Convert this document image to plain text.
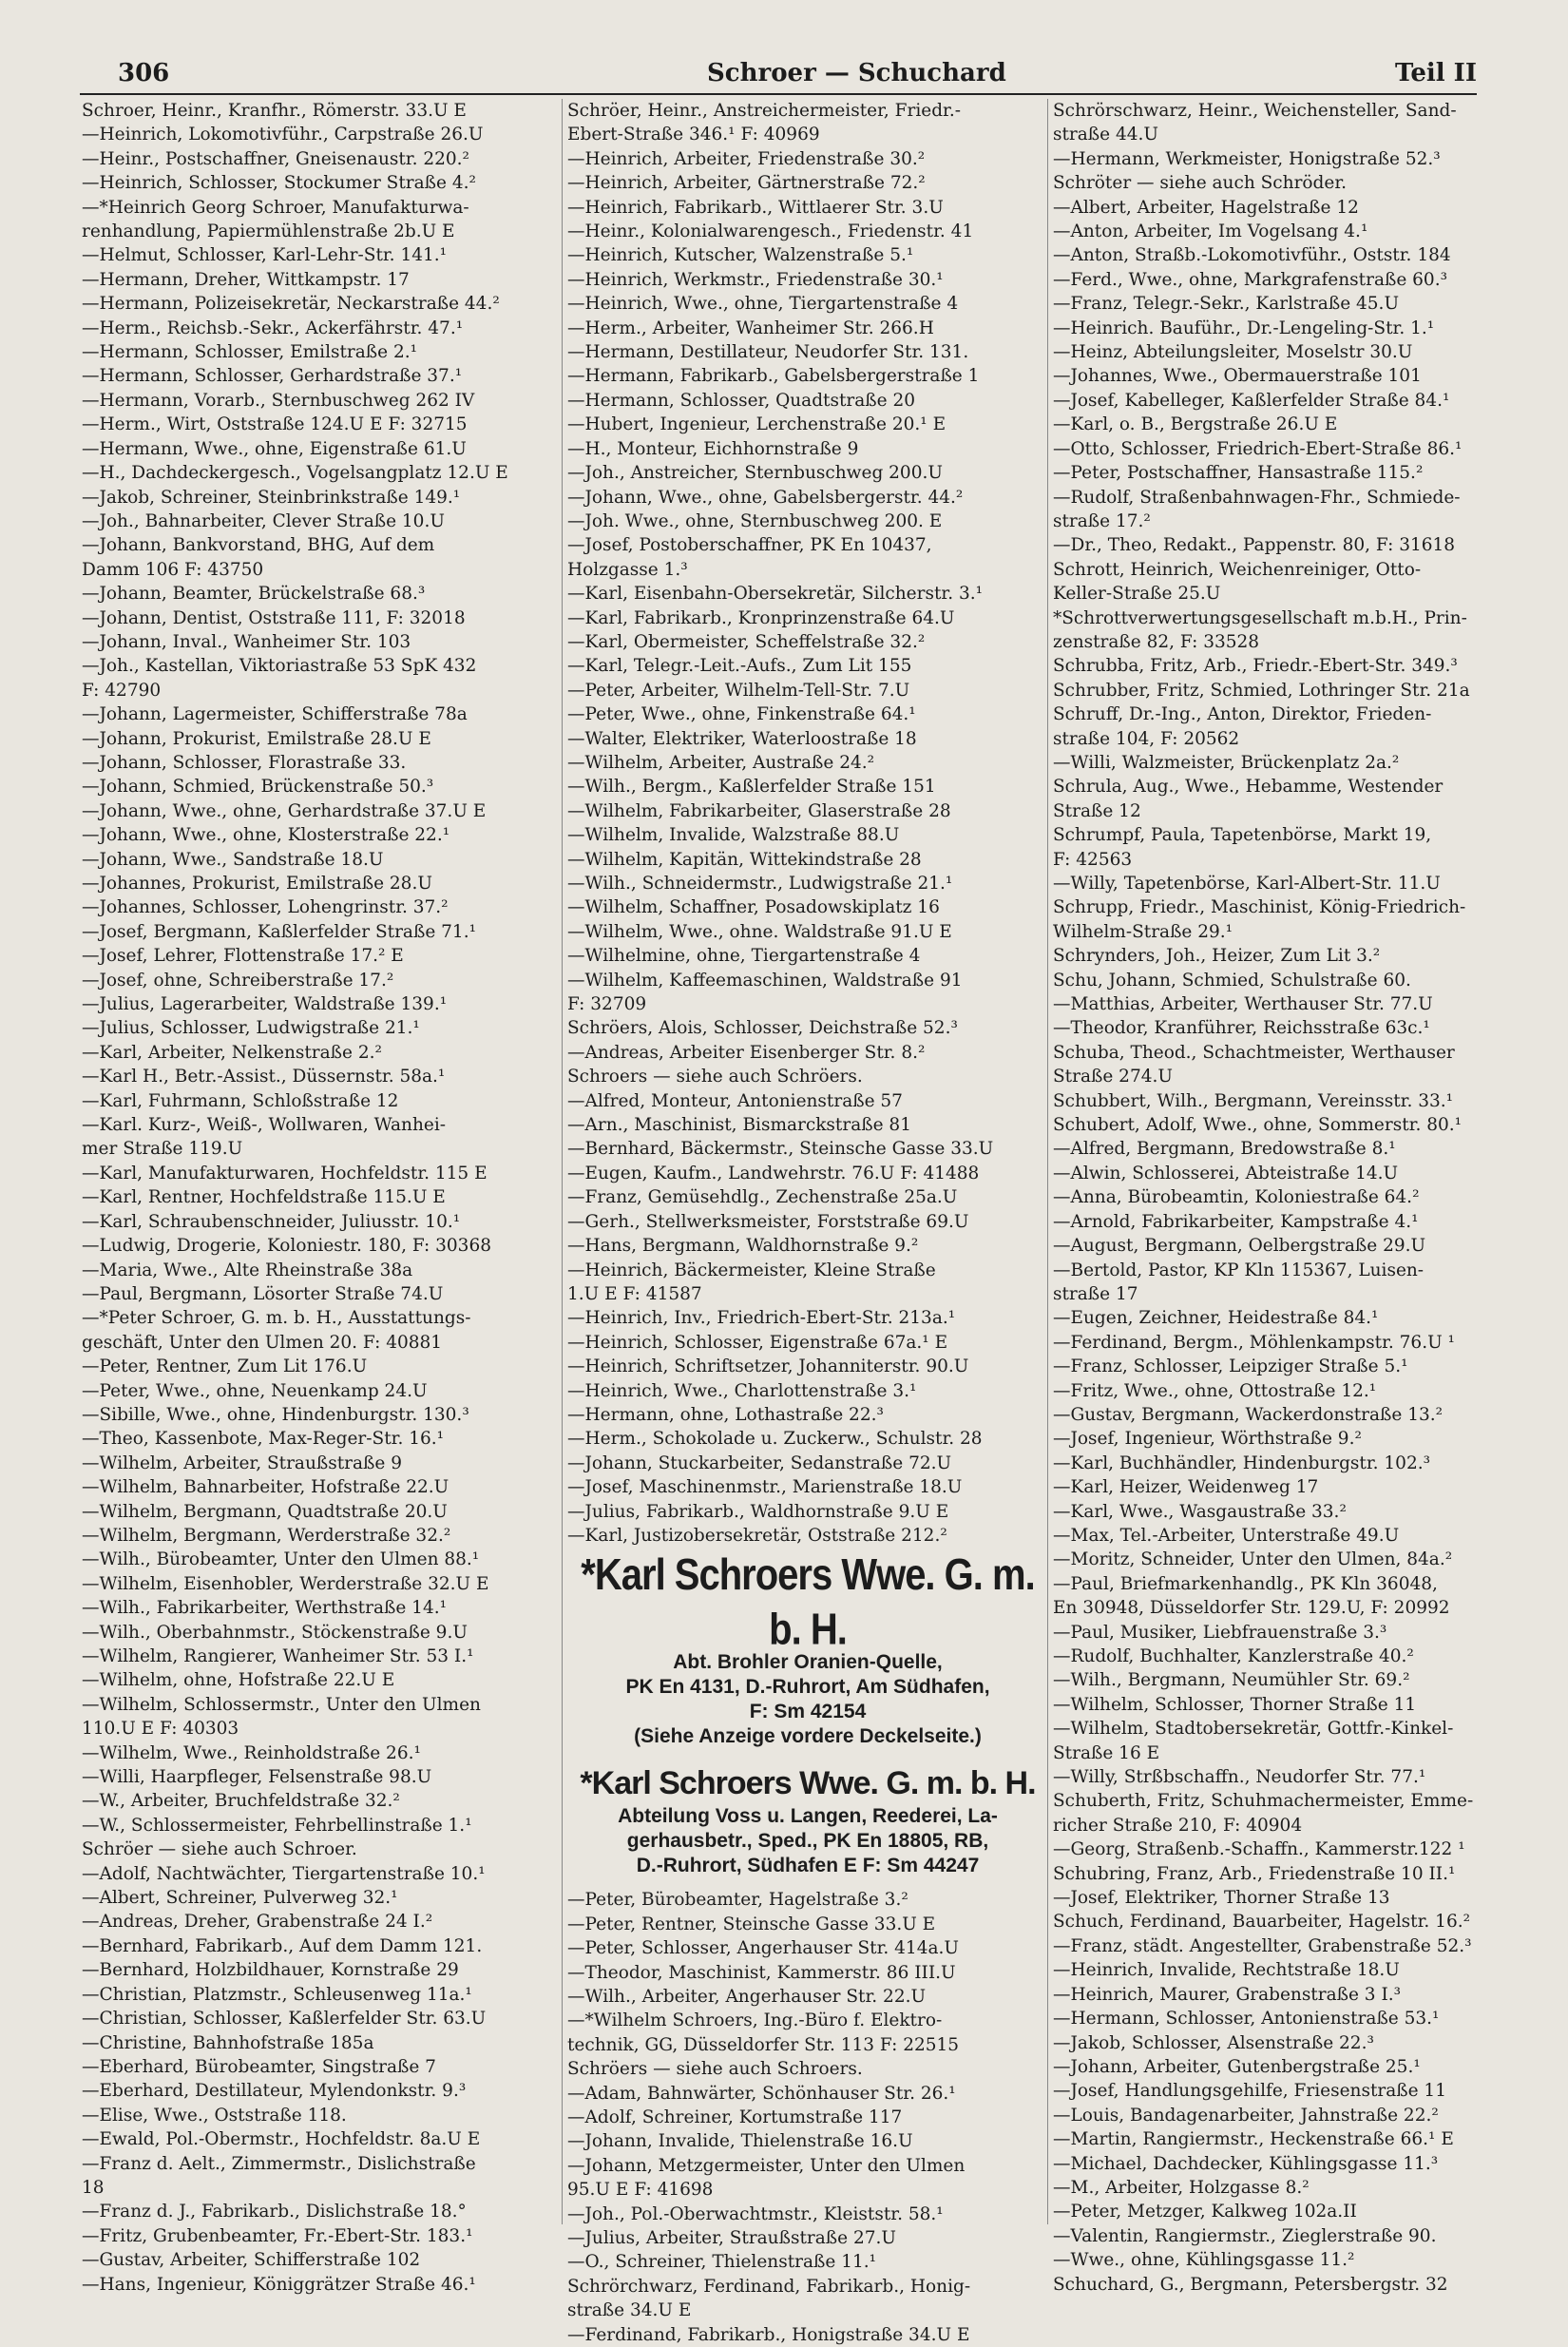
306	Schroer — Schuchard	Teil II
Schroer, Heinr., Kranfhr., Römerstr. 33.U E
—Heinrich, Lokomotivführ., Carpstraße 26.U
—Heinr., Postschaffner, Gneisenaustr. 220.²
—Heinrich, Schlosser, Stockumer Straße 4.²
—*Heinrich Georg Schroer, Manufakturwa-
renhandlung, Papiermühlenstraße 2b.U E
—Helmut, Schlosser, Karl-Lehr-Str. 141.¹
—Hermann, Dreher, Wittkampstr. 17
—Hermann, Polizeisekretär, Neckarstraße 44.²
—Herm., Reichsb.-Sekr., Ackerfährstr. 47.¹
—Hermann, Schlosser, Emilstraße 2.¹
—Hermann, Schlosser, Gerhardstraße 37.¹
—Hermann, Vorarb., Sternbuschweg 262 IV
—Herm., Wirt, Oststraße 124.U E F: 32715
—Hermann, Wwe., ohne, Eigenstraße 61.U
—H., Dachdeckergesch., Vogelsangplatz 12.U E
—Jakob, Schreiner, Steinbrinkstraße 149.¹
—Joh., Bahnarbeiter, Clever Straße 10.U
—Johann, Bankvorstand, BHG, Auf dem
Damm 106 F: 43750
—Johann, Beamter, Brückelstraße 68.³
—Johann, Dentist, Oststraße 111, F: 32018
—Johann, Inval., Wanheimer Str. 103
—Joh., Kastellan, Viktoriastraße 53 SpK 432
F: 42790
—Johann, Lagermeister, Schifferstraße 78a
—Johann, Prokurist, Emilstraße 28.U E
—Johann, Schlosser, Florastraße 33.
—Johann, Schmied, Brückenstraße 50.³
—Johann, Wwe., ohne, Gerhardstraße 37.U E
—Johann, Wwe., ohne, Klosterstraße 22.¹
—Johann, Wwe., Sandstraße 18.U
—Johannes, Prokurist, Emilstraße 28.U
—Johannes, Schlosser, Lohengrinstr. 37.²
—Josef, Bergmann, Kaßlerfelder Straße 71.¹
—Josef, Lehrer, Flottenstraße 17.² E
—Josef, ohne, Schreiberstraße 17.²
—Julius, Lagerarbeiter, Waldstraße 139.¹
—Julius, Schlosser, Ludwigstraße 21.¹
—Karl, Arbeiter, Nelkenstraße 2.²
—Karl H., Betr.-Assist., Düssernstr. 58a.¹
—Karl, Fuhrmann, Schloßstraße 12
—Karl. Kurz-, Weiß-, Wollwaren, Wanhei-
mer Straße 119.U
—Karl, Manufakturwaren, Hochfeldstr. 115 E
—Karl, Rentner, Hochfeldstraße 115.U E
—Karl, Schraubenschneider, Juliusstr. 10.¹
—Ludwig, Drogerie, Koloniestr. 180, F: 30368
—Maria, Wwe., Alte Rheinstraße 38a
—Paul, Bergmann, Lösorter Straße 74.U
—*Peter Schroer, G. m. b. H., Ausstattungs-
geschäft, Unter den Ulmen 20. F: 40881
—Peter, Rentner, Zum Lit 176.U
—Peter, Wwe., ohne, Neuenkamp 24.U
—Sibille, Wwe., ohne, Hindenburgstr. 130.³
—Theo, Kassenbote, Max-Reger-Str. 16.¹
—Wilhelm, Arbeiter, Straußstraße 9
—Wilhelm, Bahnarbeiter, Hofstraße 22.U
—Wilhelm, Bergmann, Quadtstraße 20.U
—Wilhelm, Bergmann, Werderstraße 32.²
—Wilh., Bürobeamter, Unter den Ulmen 88.¹
—Wilhelm, Eisenhobler, Werderstraße 32.U E
—Wilh., Fabrikarbeiter, Werthstraße 14.¹
—Wilh., Oberbahnmstr., Stöckenstraße 9.U
—Wilhelm, Rangierer, Wanheimer Str. 53 I.¹
—Wilhelm, ohne, Hofstraße 22.U E
—Wilhelm, Schlossermstr., Unter den Ulmen
110.U E F: 40303
—Wilhelm, Wwe., Reinholdstraße 26.¹
—Willi, Haarpfleger, Felsenstraße 98.U
—W., Arbeiter, Bruchfeldstraße 32.²
—W., Schlossermeister, Fehrbellinstraße 1.¹
Schröer — siehe auch Schroer.
—Adolf, Nachtwächter, Tiergartenstraße 10.¹
—Albert, Schreiner, Pulverweg 32.¹
—Andreas, Dreher, Grabenstraße 24 I.²
—Bernhard, Fabrikarb., Auf dem Damm 121.
—Bernhard, Holzbildhauer, Kornstraße 29
—Christian, Platzmstr., Schleusenweg 11a.¹
—Christian, Schlosser, Kaßlerfelder Str. 63.U
—Christine, Bahnhofstraße 185a
—Eberhard, Bürobeamter, Singstraße 7
—Eberhard, Destillateur, Mylendonkstr. 9.³
—Elise, Wwe., Oststraße 118.
—Ewald, Pol.-Obermstr., Hochfeldstr. 8a.U E
—Franz d. Aelt., Zimmermstr., Dislichstraße
18
—Franz d. J., Fabrikarb., Dislichstraße 18.°
—Fritz, Grubenbeamter, Fr.-Ebert-Str. 183.¹
—Gustav, Arbeiter, Schifferstraße 102
—Hans, Ingenieur, Königgrätzer Straße 46.¹
Schröer, Heinr., Anstreichermeister, Friedr.-
Ebert-Straße 346.¹ F: 40969
—Heinrich, Arbeiter, Friedenstraße 30.²
—Heinrich, Arbeiter, Gärtnerstraße 72.²
—Heinrich, Fabrikarb., Wittlaerer Str. 3.U
—Heinr., Kolonialwarengesch., Friedenstr. 41
—Heinrich, Kutscher, Walzenstraße 5.¹
—Heinrich, Werkmstr., Friedenstraße 30.¹
—Heinrich, Wwe., ohne, Tiergartenstraße 4
—Herm., Arbeiter, Wanheimer Str. 266.H
—Hermann, Destillateur, Neudorfer Str. 131.
—Hermann, Fabrikarb., Gabelsbergerstraße 1
—Hermann, Schlosser, Quadtstraße 20
—Hubert, Ingenieur, Lerchenstraße 20.¹ E
—H., Monteur, Eichhornstraße 9
—Joh., Anstreicher, Sternbuschweg 200.U
—Johann, Wwe., ohne, Gabelsbergerstr. 44.²
—Joh. Wwe., ohne, Sternbuschweg 200. E
—Josef, Postoberschaffner, PK En 10437,
Holzgasse 1.³
—Karl, Eisenbahn-Obersekretär, Silcherstr. 3.¹
—Karl, Fabrikarb., Kronprinzenstraße 64.U
—Karl, Obermeister, Scheffelstraße 32.²
—Karl, Telegr.-Leit.-Aufs., Zum Lit 155
—Peter, Arbeiter, Wilhelm-Tell-Str. 7.U
—Peter, Wwe., ohne, Finkenstraße 64.¹
—Walter, Elektriker, Waterloostraße 18
—Wilhelm, Arbeiter, Austraße 24.²
—Wilh., Bergm., Kaßlerfelder Straße 151
—Wilhelm, Fabrikarbeiter, Glaserstraße 28
—Wilhelm, Invalide, Walzstraße 88.U
—Wilhelm, Kapitän, Wittekindstraße 28
—Wilh., Schneidermstr., Ludwigstraße 21.¹
—Wilhelm, Schaffner, Posadowskiplatz 16
—Wilhelm, Wwe., ohne. Waldstraße 91.U E
—Wilhelmine, ohne, Tiergartenstraße 4
—Wilhelm, Kaffeemaschinen, Waldstraße 91
F: 32709
Schröers, Alois, Schlosser, Deichstraße 52.³
—Andreas, Arbeiter Eisenberger Str. 8.²
Schroers — siehe auch Schröers.
—Alfred, Monteur, Antonienstraße 57
—Arn., Maschinist, Bismarckstraße 81
—Bernhard, Bäckermstr., Steinsche Gasse 33.U
—Eugen, Kaufm., Landwehrstr. 76.U F: 41488
—Franz, Gemüsehdlg., Zechenstraße 25a.U
—Gerh., Stellwerksmeister, Forststraße 69.U
—Hans, Bergmann, Waldhornstraße 9.²
—Heinrich, Bäckermeister, Kleine Straße
1.U E F: 41587
—Heinrich, Inv., Friedrich-Ebert-Str. 213a.¹
—Heinrich, Schlosser, Eigenstraße 67a.¹ E
—Heinrich, Schriftsetzer, Johanniterstr. 90.U
—Heinrich, Wwe., Charlottenstraße 3.¹
—Hermann, ohne, Lothastraße 22.³
—Herm., Schokolade u. Zuckerw., Schulstr. 28
—Johann, Stuckarbeiter, Sedanstraße 72.U
—Josef, Maschinenmstr., Marienstraße 18.U
—Julius, Fabrikarb., Waldhornstraße 9.U E
—Karl, Justizobersekretär, Oststraße 212.²
*Karl Schroers Wwe. G. m. b. H.
Abt. Brohler Oranien-Quelle,
PK En 4131, D.-Ruhrort, Am Südhafen,
F: Sm 42154
(Siehe Anzeige vordere Deckelseite.)
*Karl Schroers Wwe. G. m. b. H.
Abteilung Voss u. Langen, Reederei, La-
gerhausbetr., Sped., PK En 18805, RB,
D.-Ruhrort, Südhafen E F: Sm 44247
—Peter, Bürobeamter, Hagelstraße 3.²
—Peter, Rentner, Steinsche Gasse 33.U E
—Peter, Schlosser, Angerhauser Str. 414a.U
—Theodor, Maschinist, Kammerstr. 86 III.U
—Wilh., Arbeiter, Angerhauser Str. 22.U
—*Wilhelm Schroers, Ing.-Büro f. Elektro-
technik, GG, Düsseldorfer Str. 113 F: 22515
Schröers — siehe auch Schroers.
—Adam, Bahnwärter, Schönhauser Str. 26.¹
—Adolf, Schreiner, Kortumstraße 117
—Johann, Invalide, Thielenstraße 16.U
—Johann, Metzgermeister, Unter den Ulmen
95.U E F: 41698
—Joh., Pol.-Oberwachtmstr., Kleiststr. 58.¹
—Julius, Arbeiter, Straußstraße 27.U
—O., Schreiner, Thielenstraße 11.¹
Schrörchwarz, Ferdinand, Fabrikarb., Honig-
straße 34.U E
—Ferdinand, Fabrikarb., Honigstraße 34.U E
Schrörschwarz, Heinr., Weichensteller, Sand-
straße 44.U
—Hermann, Werkmeister, Honigstraße 52.³
Schröter — siehe auch Schröder.
—Albert, Arbeiter, Hagelstraße 12
—Anton, Arbeiter, Im Vogelsang 4.¹
—Anton, Straßb.-Lokomotivführ., Oststr. 184
—Ferd., Wwe., ohne, Markgrafenstraße 60.³
—Franz, Telegr.-Sekr., Karlstraße 45.U
—Heinrich. Bauführ., Dr.-Lengeling-Str. 1.¹
—Heinz, Abteilungsleiter, Moselstr 30.U
—Johannes, Wwe., Obermauerstraße 101
—Josef, Kabelleger, Kaßlerfelder Straße 84.¹
—Karl, o. B., Bergstraße 26.U E
—Otto, Schlosser, Friedrich-Ebert-Straße 86.¹
—Peter, Postschaffner, Hansastraße 115.²
—Rudolf, Straßenbahnwagen-Fhr., Schmiede-
straße 17.²
—Dr., Theo, Redakt., Pappenstr. 80, F: 31618
Schrott, Heinrich, Weichenreiniger, Otto-
Keller-Straße 25.U
*Schrottverwertungsgesellschaft m.b.H., Prin-
zenstraße 82, F: 33528
Schrubba, Fritz, Arb., Friedr.-Ebert-Str. 349.³
Schrubber, Fritz, Schmied, Lothringer Str. 21a
Schruff, Dr.-Ing., Anton, Direktor, Frieden-
straße 104, F: 20562
—Willi, Walzmeister, Brückenplatz 2a.²
Schrula, Aug., Wwe., Hebamme, Westender
Straße 12
Schrumpf, Paula, Tapetenbörse, Markt 19,
F: 42563
—Willy, Tapetenbörse, Karl-Albert-Str. 11.U
Schrupp, Friedr., Maschinist, König-Friedrich-
Wilhelm-Straße 29.¹
Schrynders, Joh., Heizer, Zum Lit 3.²
Schu, Johann, Schmied, Schulstraße 60.
—Matthias, Arbeiter, Werthauser Str. 77.U
—Theodor, Kranführer, Reichsstraße 63c.¹
Schuba, Theod., Schachtmeister, Werthauser
Straße 274.U
Schubbert, Wilh., Bergmann, Vereinsstr. 33.¹
Schubert, Adolf, Wwe., ohne, Sommerstr. 80.¹
—Alfred, Bergmann, Bredowstraße 8.¹
—Alwin, Schlosserei, Abteistraße 14.U
—Anna, Bürobeamtin, Koloniestraße 64.²
—Arnold, Fabrikarbeiter, Kampstraße 4.¹
—August, Bergmann, Oelbergstraße 29.U
—Bertold, Pastor, KP Kln 115367, Luisen-
straße 17
—Eugen, Zeichner, Heidestraße 84.¹
—Ferdinand, Bergm., Möhlenkampstr. 76.U ¹
—Franz, Schlosser, Leipziger Straße 5.¹
—Fritz, Wwe., ohne, Ottostraße 12.¹
—Gustav, Bergmann, Wackerdonstraße 13.²
—Josef, Ingenieur, Wörthstraße 9.²
—Karl, Buchhändler, Hindenburgstr. 102.³
—Karl, Heizer, Weidenweg 17
—Karl, Wwe., Wasgaustraße 33.²
—Max, Tel.-Arbeiter, Unterstraße 49.U
—Moritz, Schneider, Unter den Ulmen, 84a.²
—Paul, Briefmarkenhandlg., PK Kln 36048,
En 30948, Düsseldorfer Str. 129.U, F: 20992
—Paul, Musiker, Liebfrauenstraße 3.³
—Rudolf, Buchhalter, Kanzlerstraße 40.²
—Wilh., Bergmann, Neumühler Str. 69.²
—Wilhelm, Schlosser, Thorner Straße 11
—Wilhelm, Stadtobersekretär, Gottfr.-Kinkel-
Straße 16 E
—Willy, Strßbschaffn., Neudorfer Str. 77.¹
Schuberth, Fritz, Schuhmachermeister, Emme-
richer Straße 210, F: 40904
—Georg, Straßenb.-Schaffn., Kammerstr.122 ¹
Schubring, Franz, Arb., Friedenstraße 10 II.¹
—Josef, Elektriker, Thorner Straße 13
Schuch, Ferdinand, Bauarbeiter, Hagelstr. 16.²
—Franz, städt. Angestellter, Grabenstraße 52.³
—Heinrich, Invalide, Rechtstraße 18.U
—Heinrich, Maurer, Grabenstraße 3 I.³
—Hermann, Schlosser, Antonienstraße 53.¹
—Jakob, Schlosser, Alsenstraße 22.³
—Johann, Arbeiter, Gutenbergstraße 25.¹
—Josef, Handlungsgehilfe, Friesenstraße 11
—Louis, Bandagenarbeiter, Jahnstraße 22.²
—Martin, Rangiermstr., Heckenstraße 66.¹ E
—Michael, Dachdecker, Kühlingsgasse 11.³
—M., Arbeiter, Holzgasse 8.²
—Peter, Metzger, Kalkweg 102a.II
—Valentin, Rangiermstr., Zieglerstraße 90.
—Wwe., ohne, Kühlingsgasse 11.²
Schuchard, G., Bergmann, Petersbergstr. 32
